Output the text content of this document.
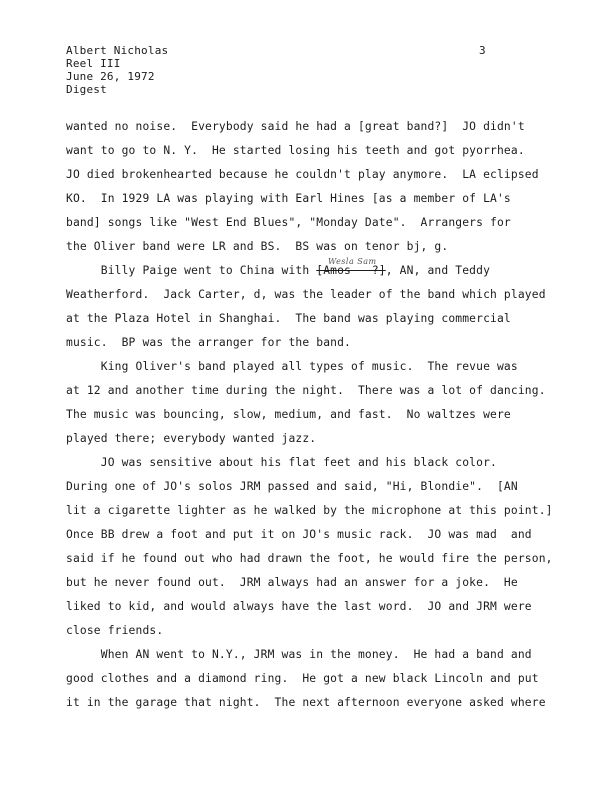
Albert Nicholas
Reel III
June 26, 1972
Digest
3
wanted no noise.  Everybody said he had a [great band?]  JO didn't
want to go to N. Y.  He started losing his teeth and got pyorrhea.
JO died brokenhearted because he couldn't play anymore.  LA eclipsed
KO.  In 1929 LA was playing with Earl Hines [as a member of LA's
band] songs like "West End Blues", "Monday Date".  Arrangers for
the Oliver band were LR and BS.  BS was on tenor bj, g.
Billy Paige went to China with [Amos   ?], AN, and Teddy
Wesla Sam
Weatherford.  Jack Carter, d, was the leader of the band which played
at the Plaza Hotel in Shanghai.  The band was playing commercial
music.  BP was the arranger for the band.
King Oliver's band played all types of music.  The revue was
at 12 and another time during the night.  There was a lot of dancing.
The music was bouncing, slow, medium, and fast.  No waltzes were
played there; everybody wanted jazz.
JO was sensitive about his flat feet and his black color.
During one of JO's solos JRM passed and said, "Hi, Blondie".  [AN
lit a cigarette lighter as he walked by the microphone at this point.]
Once BB drew a foot and put it on JO's music rack.  JO was mad  and
said if he found out who had drawn the foot, he would fire the person,
but he never found out.  JRM always had an answer for a joke.  He
liked to kid, and would always have the last word.  JO and JRM were
close friends.
When AN went to N.Y., JRM was in the money.  He had a band and
good clothes and a diamond ring.  He got a new black Lincoln and put
it in the garage that night.  The next afternoon everyone asked where
